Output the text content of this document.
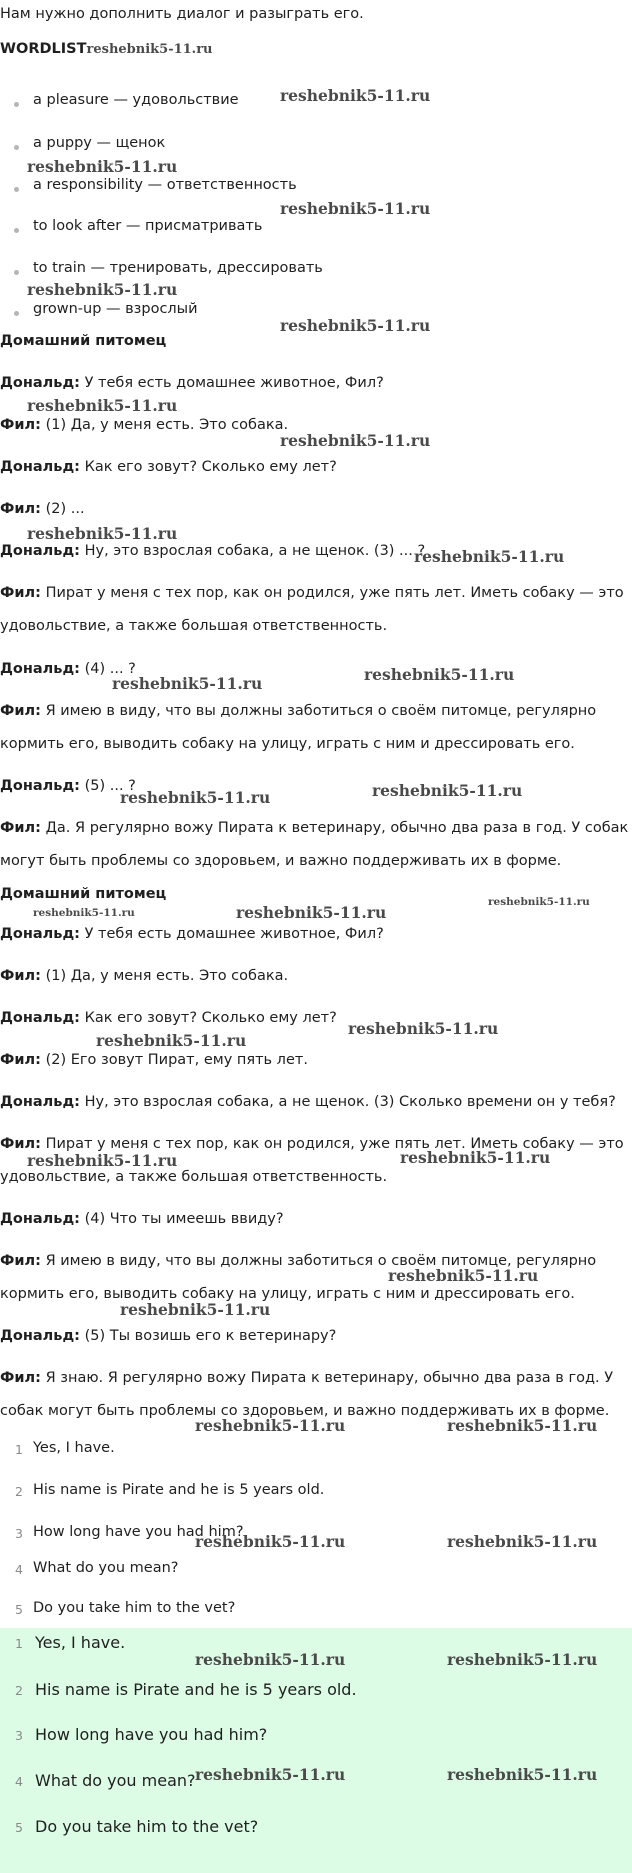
Нам нужно дополнить диалог и разыграть его.
WORDLISTreshebnik5-11.ru
a pleasure — удовольствие
a puppy — щенок
a responsibility — ответственность
to look after — присматривать
to train — тренировать, дрессировать
grown-up — взрослый
Домашний питомец
Дональд: У тебя есть домашнее животное, Фил?
Фил: (1) Да, у меня есть. Это собака.
Дональд: Как его зовут? Сколько ему лет?
Фил: (2) ...
Дональд: Ну, это взрослая собака, а не щенок. (3) ... ?
Фил: Пират у меня с тех пор, как он родился, уже пять лет. Иметь собаку — это
удовольствие, а также большая ответственность.
Дональд: (4) ... ?
Фил: Я имею в виду, что вы должны заботиться о своём питомце, регулярно
кормить его, выводить собаку на улицу, играть с ним и дрессировать его.
Дональд: (5) ... ?
Фил: Да. Я регулярно вожу Пирата к ветеринару, обычно два раза в год. У собак
могут быть проблемы со здоровьем, и важно поддерживать их в форме.
Домашний питомец
Дональд: У тебя есть домашнее животное, Фил?
Фил: (1) Да, у меня есть. Это собака.
Дональд: Как его зовут? Сколько ему лет?
Фил: (2) Его зовут Пират, ему пять лет.
Дональд: Ну, это взрослая собака, а не щенок. (3) Сколько времени он у тебя?
Фил: Пират у меня с тех пор, как он родился, уже пять лет. Иметь собаку — это
удовольствие, а также большая ответственность.
Дональд: (4) Что ты имеешь ввиду?
Фил: Я имею в виду, что вы должны заботиться о своём питомце, регулярно
кормить его, выводить собаку на улицу, играть с ним и дрессировать его.
Дональд: (5) Ты возишь его к ветеринару?
Фил: Я знаю. Я регулярно вожу Пирата к ветеринару, обычно два раза в год. У
собак могут быть проблемы со здоровьем, и важно поддерживать их в форме.
1 Yes, I have.
2 His name is Pirate and he is 5 years old.
3 How long have you had him?
4 What do you mean?
5 Do you take him to the vet?
1 Yes, I have.
2 His name is Pirate and he is 5 years old.
3 How long have you had him?
4 What do you mean?
5 Do you take him to the vet?
reshebnik5-11.ru
reshebnik5-11.ru
reshebnik5-11.ru
reshebnik5-11.ru
reshebnik5-11.ru
reshebnik5-11.ru
reshebnik5-11.ru
reshebnik5-11.ru
reshebnik5-11.ru
reshebnik5-11.ru
reshebnik5-11.ru
reshebnik5-11.ru	reshebnik5-11.ru
reshebnik5-11.ru
reshebnik5-11.ru	reshebnik5-11.ru
reshebnik5-11.ru
reshebnik5-11.ru
reshebnik5-11.ru	reshebnik5-11.ru
reshebnik5-11.ru
reshebnik5-11.ru
reshebnik5-11.ru	reshebnik5-11.ru
reshebnik5-11.ru	reshebnik5-11.ru
reshebnik5-11.ru	reshebnik5-11.ru
reshebnik5-11.ru	reshebnik5-11.ru
